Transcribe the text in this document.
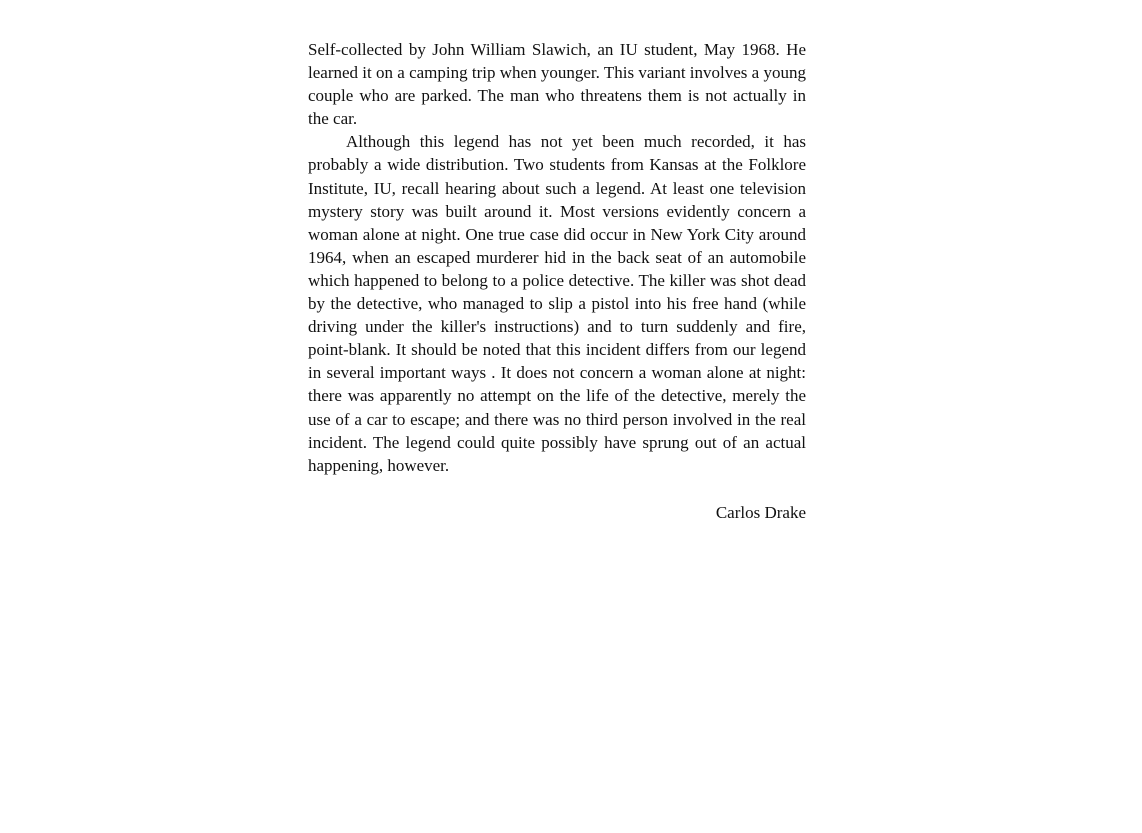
Self-collected by John William Slawich, an IU student, May 1968. He learned it on a camping trip when younger. This variant involves a young couple who are parked. The man who threatens them is not actually in the car.

Although this legend has not yet been much recorded, it has probably a wide distribution. Two students from Kansas at the Folklore Institute, IU, recall hearing about such a legend. At least one television mystery story was built around it. Most versions evidently concern a woman alone at night. One true case did occur in New York City around 1964, when an escaped murderer hid in the back seat of an automobile which happened to belong to a police detective. The killer was shot dead by the detective, who managed to slip a pistol into his free hand (while driving under the killer's instructions) and to turn suddenly and fire, point-blank. It should be noted that this incident differs from our legend in several important ways . It does not concern a woman alone at night: there was apparently no attempt on the life of the detective, merely the use of a car to escape; and there was no third person involved in the real incident. The legend could quite possibly have sprung out of an actual happening, however.

Carlos Drake
